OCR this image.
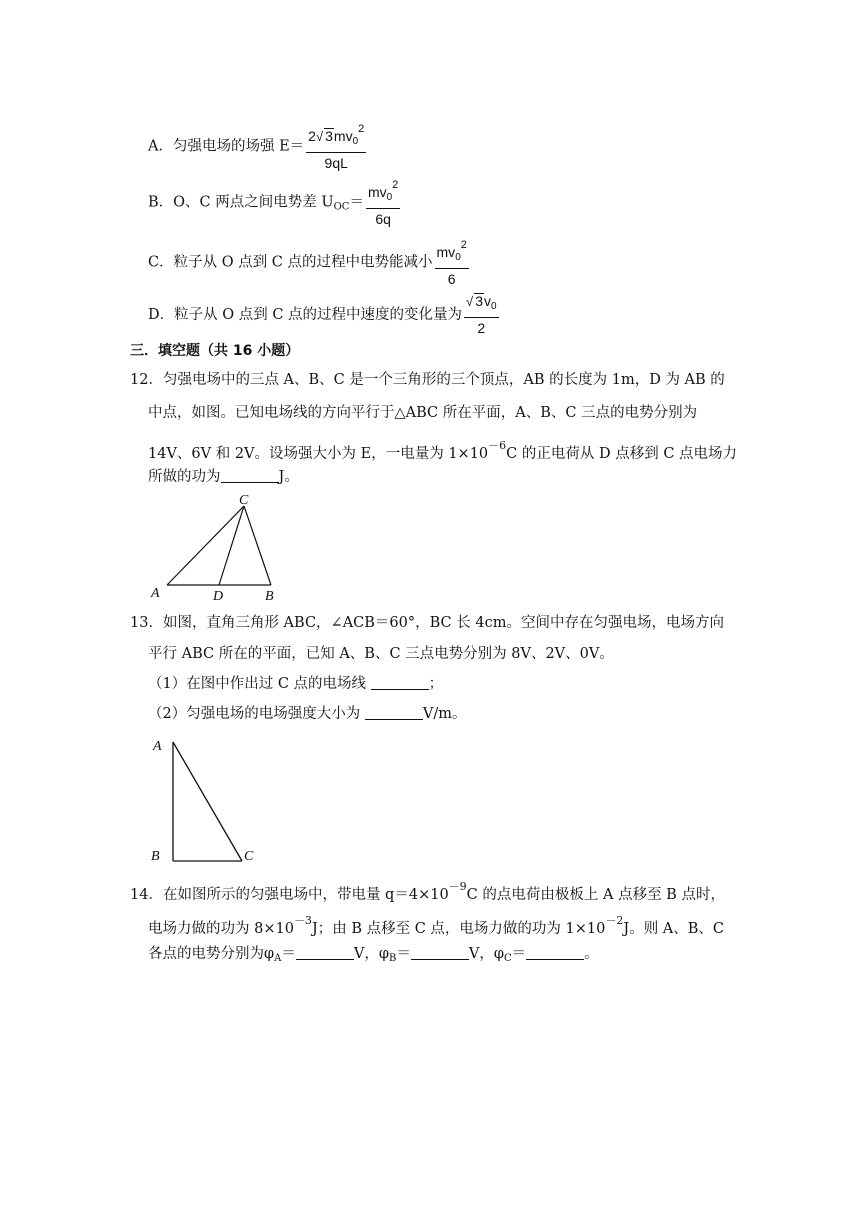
A．匀强电场的场强 $E= \frac{2√ 3mv_0^2}{9qL}$
B．O、C 两点之间电势差 $U_{OC}= \frac{mv_0^2}{6q}$
C．粒子从 O 点到 C 点的过程中电势能减小 $\frac{mv_0^2}{6}$
D．粒子从 O 点到 C 点的过程中速度的变化量为 $\frac{√ 3v_0}{2}$
三．填空题（共 16 小题）
12．匀强电场中的三点 A、B、C 是一个三角形的三个顶点，AB 的长度为 1m，D 为 AB 的
中点，如图。已知电场线的方向平行于△ABC 所在平面，A、B、C 三点的电势分别为
14V、6V 和 2V。设场强大小为 E，一电量为 $1\times 10^{-6}C$ 的正电荷从 D 点移到 C 点电场力
所做的功为	J。
C
A	D	B
13．如图，直角三角形 ABC，∠ACB＝60°，BC 长 4cm。空间中存在匀强电场，电场方向
平行 ABC 所在的平面，已知 A、B、C 三点电势分别为 8V、2V、0V。
（1）在图中作出过 C 点的电场线	；
（2）匀强电场的电场强度大小为	V/m。
A
B	C
14．在如图所示的匀强电场中，带电量 $q=4\times 10^{-9}C$ 的点电荷由极板上 A 点移至 B 点时，
电场力做的功为 $8\times 10^{-3}J$；由 B 点移至 C 点，电场力做的功为 $1\times 10^{-2}J$。则 A、B、C
各点的电势分别为$\varphi_A=$	V，$\varphi_B=$	V，$\varphi_C=$	。
